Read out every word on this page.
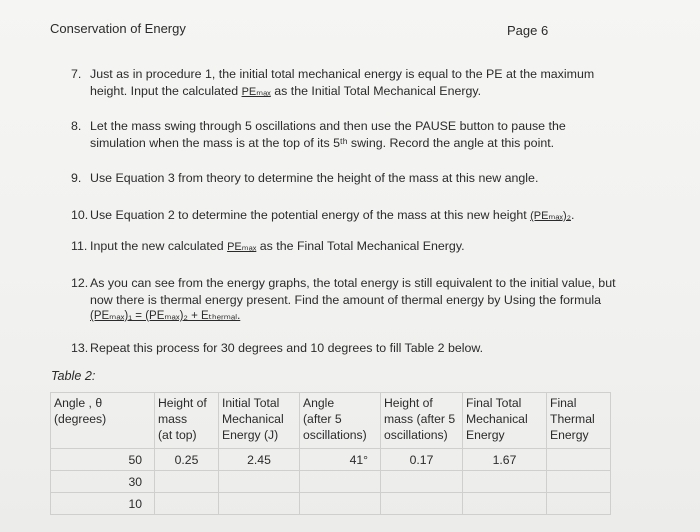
Conservation of Energy	Page 6
7. Just as in procedure 1, the initial total mechanical energy is equal to the PE at the maximum
height. Input the calculated PEₘₐₓ as the Initial Total Mechanical Energy.
8. Let the mass swing through 5 oscillations and then use the PAUSE button to pause the
simulation when the mass is at the top of its 5ᵗʰ swing. Record the angle at this point.
9. Use Equation 3 from theory to determine the height of the mass at this new angle.
10. Use Equation 2 to determine the potential energy of the mass at this new height (PEₘₐₓ)₂.
11. Input the new calculated PEₘₐₓ as the Final Total Mechanical Energy.
12. As you can see from the energy graphs, the total energy is still equivalent to the initial value, but
now there is thermal energy present. Find the amount of thermal energy by Using the formula
(PEₘₐₓ)₁ = (PEₘₐₓ)₂ + Eₜₕₑᵣₘₐₗ.
13. Repeat this process for 30 degrees and 10 degrees to fill Table 2 below.
Table 2:
Angle , θ
(degrees)	Height of
mass
(at top)	Initial Total
Mechanical
Energy (J)	Angle
(after 5
oscillations)	Height of
mass (after 5
oscillations)	Final Total
Mechanical
Energy	Final
Thermal
Energy

50	0.25	2.45	41°	0.17	1.67	
30						
10						
